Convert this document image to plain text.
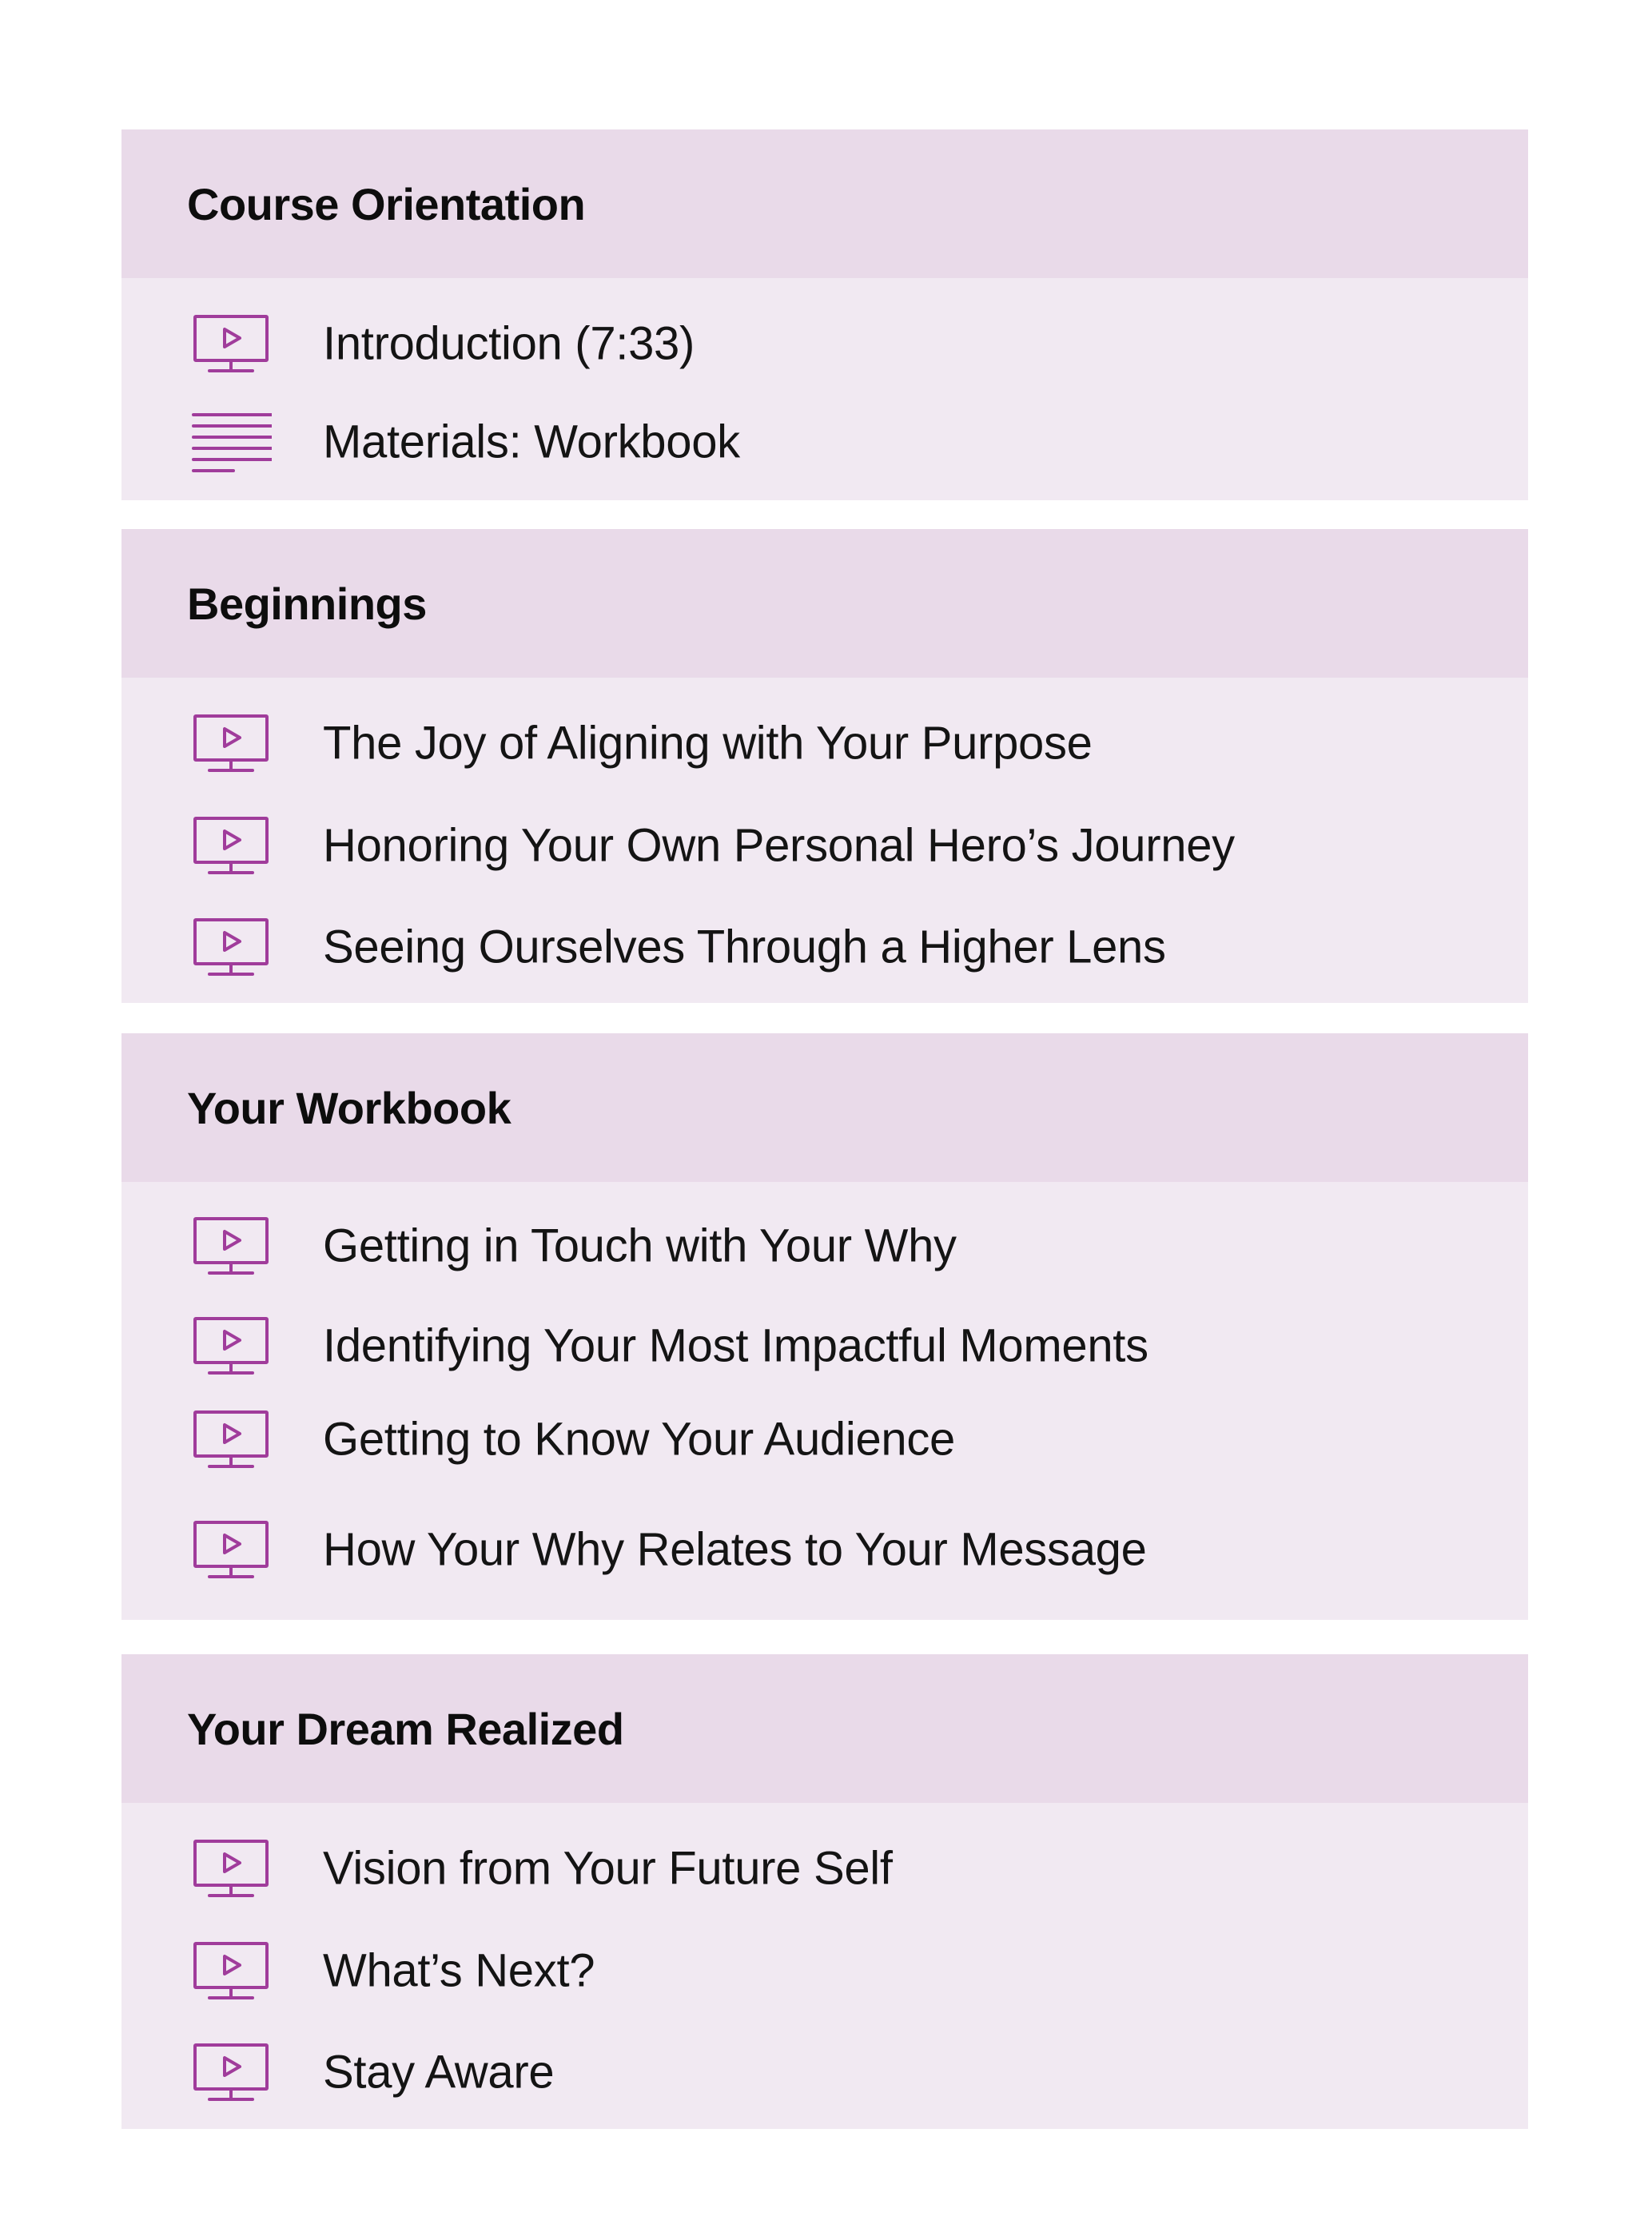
Course Orientation
Introduction (7:33)
Materials: Workbook
Beginnings
The Joy of Aligning with Your Purpose
Honoring Your Own Personal Hero’s Journey
Seeing Ourselves Through a Higher Lens
Your Workbook
Getting in Touch with Your Why
Identifying Your Most Impactful Moments
Getting to Know Your Audience
How Your Why Relates to Your Message
Your Dream Realized
Vision from Your Future Self
What’s Next?
Stay Aware
